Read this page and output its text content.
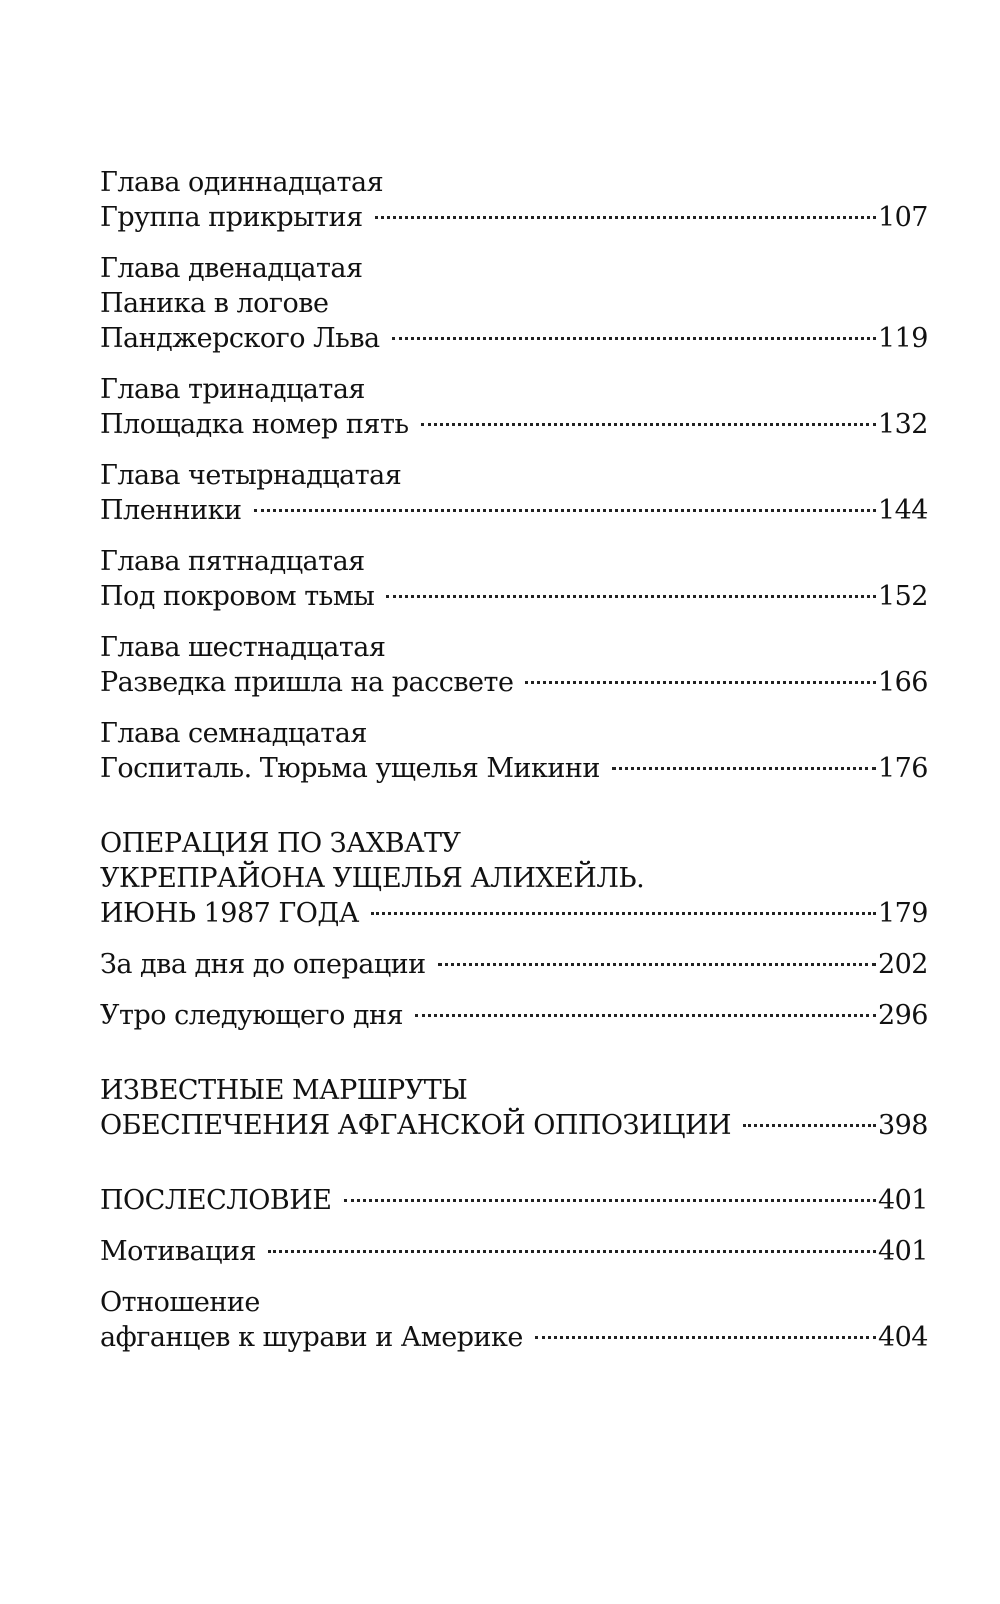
Глава одиннадцатая
Группа прикрытия	107
Глава двенадцатая
Паника в логове
Панджерского Льва	119
Глава тринадцатая
Площадка номер пять	132
Глава четырнадцатая
Пленники	144
Глава пятнадцатая
Под покровом тьмы	152
Глава шестнадцатая
Разведка пришла на рассвете	166
Глава семнадцатая
Госпиталь. Тюрьма ущелья Микини	176
ОПЕРАЦИЯ ПО ЗАХВАТУ
УКРЕПРАЙОНА УЩЕЛЬЯ АЛИХЕЙЛЬ.
ИЮНЬ 1987 ГОДА	179
За два дня до операции	202
Утро следующего дня	296
ИЗВЕСТНЫЕ МАРШРУТЫ
ОБЕСПЕЧЕНИЯ АФГАНСКОЙ ОППОЗИЦИИ	398
ПОСЛЕСЛОВИЕ	401
Мотивация	401
Отношение
афганцев к шурави и Америке	404
